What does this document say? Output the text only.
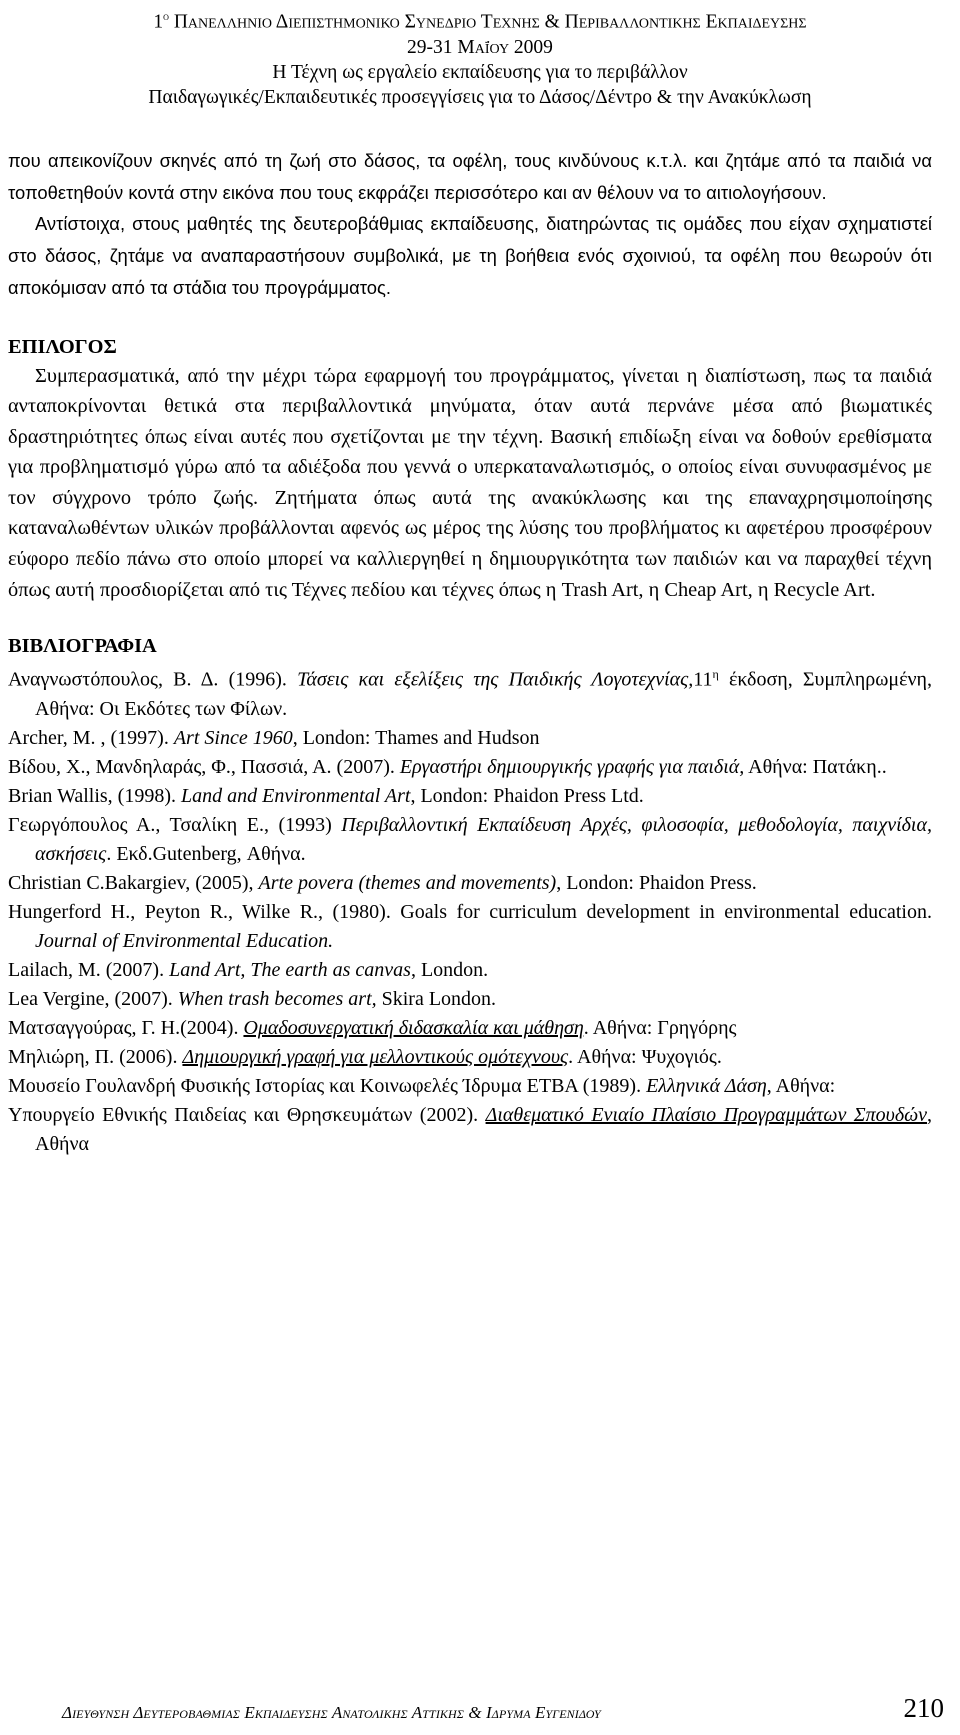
$1^o$ Πανελληνιο Διεπιστημονικο Συνεδριο Τεχνης & Περιβαλλοντικης Εκπαιδευσης
29-31 Μαΐου 2009
Η Τέχνη ως εργαλείο εκπαίδευσης για το περιβάλλον
Παιδαγωγικές/Εκπαιδευτικές προσεγγίσεις για το Δάσος/Δέντρο & την Ανακύκλωση

που απεικονίζουν σκηνές από τη ζωή στο δάσος, τα οφέλη, τους κινδύνους κ.τ.λ. και ζητάμε από τα παιδιά να τοποθετηθούν κοντά στην εικόνα που τους εκφράζει περισσότερο και αν θέλουν να το αιτιολογήσουν.

Αντίστοιχα, στους μαθητές της δευτεροβάθμιας εκπαίδευσης, διατηρώντας τις ομάδες που είχαν σχηματιστεί στο δάσος, ζητάμε να αναπαραστήσουν συμβολικά, με τη βοήθεια ενός σχοινιού, τα οφέλη που θεωρούν ότι αποκόμισαν από τα στάδια του προγράμματος.

ΕΠΙΛΟΓΟΣ

Συμπερασματικά, από την μέχρι τώρα εφαρμογή του προγράμματος, γίνεται η διαπίστωση, πως τα παιδιά ανταποκρίνονται θετικά στα περιβαλλοντικά μηνύματα, όταν αυτά περνάνε μέσα από βιωματικές δραστηριότητες όπως είναι αυτές που σχετίζονται με την τέχνη. Βασική επιδίωξη είναι να δοθούν ερεθίσματα για προβληματισμό γύρω από τα αδιέξοδα που γεννά ο υπερκαταναλωτισμός, ο οποίος είναι συνυφασμένος με τον σύγχρονο τρόπο ζωής. Ζητήματα όπως αυτά της ανακύκλωσης και της επαναχρησιμοποίησης καταναλωθέντων υλικών προβάλλονται αφενός ως μέρος της λύσης του προβλήματος κι αφετέρου προσφέρουν εύφορο πεδίο πάνω στο οποίο μπορεί να καλλιεργηθεί η δημιουργικότητα των παιδιών και να παραχθεί τέχνη όπως αυτή προσδιορίζεται από τις Τέχνες πεδίου και τέχνες όπως η Trash Art, η Cheap Art, η Recycle Art.

ΒΙΒΛΙΟΓΡΑΦΙΑ

Αναγνωστόπουλος, Β. Δ. (1996). Τάσεις και εξελίξεις της Παιδικής $\Lambda o\gamma o\tau\varepsilon\chi\nu ί\alpha\varsigma,11^\eta$ έκδοση, Συμπληρωμένη, Αθήνα: Οι Εκδότες των Φίλων.

Archer, M. , (1997). Art Since 1960, London: Thames and Hudson

Βίδου, Χ., Μανδηλαράς, Φ., Πασσιά, Α. (2007). Εργαστήρι δημιουργικής γραφής για παιδιά, Αθήνα: Πατάκη..

Brian Wallis, (1998). Land and Environmental Art, London: Phaidon Press Ltd.

Γεωργόπουλος Α., Τσαλίκη Ε., (1993) Περιβαλλοντική Εκπαίδευση Αρχές, φιλοσοφία, μεθοδολογία, παιχνίδια, ασκήσεις. Εκδ.Gutenberg, Αθήνα.

Christian C.Bakargiev, (2005), Arte povera (themes and movements), London: Phaidon Press.

Hungerford H., Peyton R., Wilke R., (1980). Goals for curriculum development in environmental education. Journal of Environmental Education.

Lailach, M. (2007). Land Art, The earth as canvas, London.

Lea Vergine, (2007). When trash becomes art, Skira London.

Ματσαγγούρας, Γ. Η.(2004). Ομαδοσυνεργατική διδασκαλία και μάθηση. Αθήνα: Γρηγόρης

Μηλιώρη, Π. (2006). Δημιουργική γραφή για μελλοντικούς ομότεχνους. Αθήνα: Ψυχογιός.

Μουσείο Γουλανδρή Φυσικής Ιστορίας και Κοινωφελές Ίδρυμα ΕΤΒΑ (1989). Ελληνικά Δάση, Αθήνα:

Υπουργείο Εθνικής Παιδείας και Θρησκευμάτων (2002). Διαθεματικό Ενιαίο Πλαίσιο Προγραμμάτων Σπουδών, Αθήνα

Διευθυνση Δευτεροβαθμιας Εκπαιδευσης Ανατολικης Αττικης & Ιδρυμα Ευγενιδου	210
